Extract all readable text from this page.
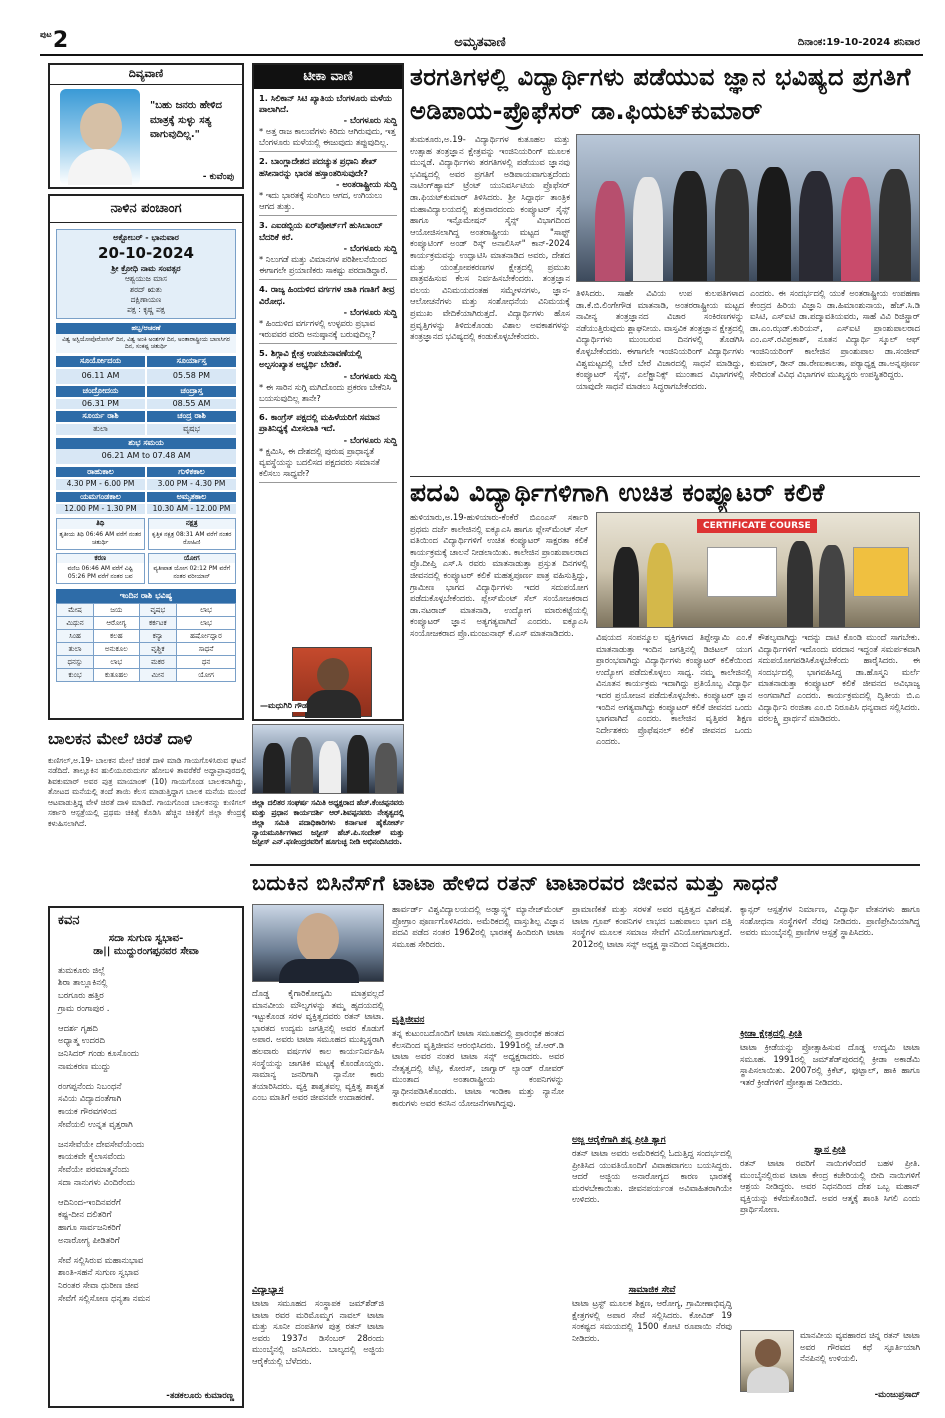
ಪುಟ 2	ಅಮೃತವಾಣಿ	ದಿನಾಂಕ:19-10-2024 ಶನಿವಾರ
ದಿವ್ಯವಾಣಿ
"ಬಹು ಜನರು ಹೇಳಿದ ಮಾತ್ರಕ್ಕೆ ಸುಳ್ಳು ಸತ್ಯ ವಾಗುವುದಿಲ್ಲ."
- ಕುವೆಂಪು
ನಾಳಿನ ಪಂಚಾಂಗ
ಅಕ್ಟೋಬರ್ - ಭಾನುವಾರ
20-10-2024
ಶ್ರೀ ಕ್ರೋಧಿ ನಾಮ ಸಂವತ್ಸರ
ಆಶ್ವಯುಜ ಮಾಸ
ಶರದ್ ಋತು
ದಕ್ಷಿಣಾಯಣ
ಪಕ್ಷ : ಕೃಷ್ಣ ಪಕ್ಷ
ಹಬ್ಬ/ಆಚರಣೆ
ವಿಶ್ವ ಅಸ್ಟಿಯೋಪೊರೋಸಿಸ್ ದಿನ, ವಿಶ್ವ ಅಂಕಿ ಅಂಶಗಳ ದಿನ, ಅಂತಾರಾಷ್ಟ್ರೀಯ ಬಾಣಸಿಗರ ದಿನ, ಸಂಕಷ್ಟ ಚತುರ್ಥಿ
ಸೂರ್ಯೋದಯ	ಸೂರ್ಯಾಸ್ತ
06.11 AM	05.58 PM
ಚಂದ್ರೋದಯ	ಚಂದ್ರಾಸ್ತ
06.31 PM	08.55 AM
ಸೂರ್ಯ ರಾಶಿ	ಚಂದ್ರ ರಾಶಿ
ತುಲಾ	ವೃಷಭ
ಶುಭ ಸಮಯ
06.21 AM to 07.48 AM
ರಾಹುಕಾಲ	ಗುಳಿಕಕಾಲ
4.30 PM - 6.00 PM	3.00 PM - 4.30 PM
ಯಮಗಂಡಕಾಲ	ಅಮೃತಕಾಲ
12.00 PM - 1.30 PM	10.30 AM - 12.00 PM
ತಿಥಿ
ತೃತೀಯ ತಿಥಿ 06:46 AM ವರೆಗೆ ನಂತರ ಚತುರ್ಥಿ
ನಕ್ಷತ್ರ
ಕೃತ್ತಿಕ ನಕ್ಷತ್ರ 08:31 AM ವರೆಗೆ ನಂತರ ರೋಹಿಣಿ
ಕರಣ
ವಣಿಜ 06:46 AM ವರೆಗೆ ವಿಷ್ಟಿ 05:26 PM ವರೆಗೆ ನಂತರ ಬವ
ಯೋಗ
ವ್ಯತೀಪಾತ ಯೋಗ 02:12 PM ವರೆಗೆ ನಂತರ ವರೀಯಾನ್
ಇಂದಿನ ರಾಶಿ ಭವಿಷ್ಯ
ಮೇಷ	ಜಯ	ವೃಷಭ	ಲಾಭ
ಮಿಥುನ	ಆರೋಗ್ಯ	ಕರ್ಕಟಕ	ಲಾಭ
ಸಿಂಹ	ಕಲಹ	ಕನ್ಯಾ	ಹರ್ಷೋದ್ಘಾರ
ತುಲಾ	ಅನುಕೂಲ	ವೃಶ್ಚಿಕ	ಸಾಧನೆ
ಧನಸ್ಸು	ಲಾಭ	ಮಕರ	ಧನ
ಕುಂಭ	ಕುತೂಹಲ	ಮೀನ	ಯೋಗ
ಟೀಕಾ ವಾಣಿ
1. ಸಿಲಿಕಾನ್ ಸಿಟಿ ಖ್ಯಾತಿಯ ಬೆಂಗಳೂರು ಮಳೆಯ ಪಾಲಾಗಿದೆ.
- ಬೆಂಗಳೂರು ಸುದ್ದಿ
* ಅತ್ತ ರಾಜ ಕಾಲುವೆಗಳು ಕಿರಿದು ಆಗಿರುವುದು, ಇತ್ತ ಬೆಂಗಳೂರು ಮಳೆಯಲ್ಲಿ ಈಜುವುದು ತಪ್ಪುವುದಿಲ್ಲ.
2. ಬಾಂಗ್ಲಾದೇಶದ ಪದಚ್ಯುತ ಪ್ರಧಾನಿ ಶೇಖ್ ಹಸೀನಾರನ್ನು ಭಾರತ ಹಸ್ತಾಂತರಿಸುವುದೇ?
- ಅಂತರಾಷ್ಟ್ರೀಯ ಸುದ್ದಿ
* ಇದು ಭಾರತಕ್ಕೆ ಸುಂಗಿಲು ಆಗದ, ಉಗಿಯಲು ಆಗದ ತುತ್ತು.
3. ಎಐಡಬ್ಬಿಯ ಏರ್‌ಪೋರ್ಟ್‌ಗೆ ಹುಸಿಬಾಂಬ್ ಬೆದರಿಕೆ ಕರೆ.
- ಬೆಂಗಳೂರು ಸುದ್ದಿ
* ನಿಲುಗಡೆ ಮತ್ತು ವಿಮಾನಗಳ ಪರಿಶೀಲನೆಯಿಂದ ಈಗಾಗಲೇ ಪ್ರಯಾಣಿಕರು ಸಾಕಷ್ಟು ಪರದಾಡಿದ್ದಾರೆ.
4. ರಾಜ್ಯ ಹಿಂದುಳಿದ ವರ್ಗಗಳ ಜಾತಿ ಗಣತಿಗೆ ತೀವ್ರ ವಿರೋಧ.
- ಬೆಂಗಳೂರು ಸುದ್ದಿ
* ಹಿಂದುಳಿದ ವರ್ಗಗಳಲ್ಲಿ ಉಳ್ಳವರು ಪ್ರಭಾವ ಇರುವವರ ವರದಿ ಅನುಷ್ಠಾನಕ್ಕೆ ಬರುವುದಿಲ್ಲ?
5. ಶಿಗ್ಗಾವಿ ಕ್ಷೇತ್ರ ಉಪಚುನಾವಣೆಯಲ್ಲಿ ಅಲ್ಪಸಂಖ್ಯಾತ ಅಭ್ಯರ್ಥಿ ಬೇಡಿಕೆ.
- ಬೆಂಗಳೂರು ಸುದ್ದಿ
* ಈ ಸಾರಿನ ಸುಗ್ಗಿ ಮಗಿದೊಂದು ಪ್ರಕರಣ ಬೇಕೆನಿಸಿ ಬಯಸುವುದಿಲ್ಲ ತಾನೇ?
6. ಕಾಂಗ್ರೆಸ್ ಪಕ್ಷದಲ್ಲಿ ಮಹಿಳೆಯರಿಗೆ ಸಮಾನ ಪ್ರಾತಿನಿಧ್ಯಕ್ಕೆ ಮೀಸಲಾತಿ ಇದೆ.
- ಬೆಂಗಳೂರು ಸುದ್ದಿ
* ಕ್ಷಮಿಸಿ, ಈ ದೇಶದಲ್ಲಿ ಪುರುಷ ಪ್ರಾಧಾನ್ಯತೆ ವ್ಯವಸ್ಥೆಯನ್ನು ಬದಲಿಸದ ಪಕ್ಷದವರು ಸಮಾನತೆ ಕಲಿಸಲು ಸಾಧ್ಯವೇ?
—ಮಧುಗಿರಿ ಗೌಡ
ಜಿಲ್ಲಾ ದಲಿತರ ಸಂಘರ್ಷ ಸಮಿತಿ ಅಧ್ಯಕ್ಷರಾದ ಹೆಚ್.ಕೆಂಚಪ್ಪನವರು ಮತ್ತು ಪ್ರಧಾನ ಕಾರ್ಯದರ್ಶಿ ಆರ್.ಶಿವಪ್ಪನವರು ನೇತೃತ್ವದಲ್ಲಿ ಜಿಲ್ಲಾ ಸಮಿತಿ ಪದಾಧಿಕಾರಿಗಳು ಕರ್ನಾಟಕ ಹೈಕೋರ್ಟ್ ನ್ಯಾಯಮೂರ್ತಿಗಳಾದ ಜಸ್ಟೀಸ್ ಹೆಚ್.ಪಿ.ಸಂದೇಶ್ ಮತ್ತು ಜಸ್ಟೀಸ್ ಎನ್.ಫಣೀಂದ್ರರವರಿಗೆ ಹೂಗುಚ್ಛ ನೀಡಿ ಅಭಿನಂದಿಸಿದರು.
ಬಾಲಕನ ಮೇಲೆ ಚಿರತೆ ದಾಳಿ
ಕುಣಿಗಲ್,ಅ.19- ಬಾಲಕನ ಮೇಲೆ ಚಿರತೆ ದಾಳಿ ಮಾಡಿ ಗಾಯಗೊಳಿಸಿರುವ ಘಟನೆ ನಡೆದಿದೆ. ತಾಲ್ಲೂಕಿನ ಹುಲಿಯೂರುದುರ್ಗ ಹೋಬಳಿ ತಾವರೆಕೆರೆ ಅದ್ದಾಪ್ರಾಪುರದಲ್ಲಿ ಶಿವಕುಮಾರ್ ಅವರ ಪುತ್ರ ಮಾಯಾಂಕ್ (10) ಗಾಯಗೊಂಡ ಬಾಲಕನಾಗಿದ್ದು, ತೋಟದ ಮನೆಯಲ್ಲಿ ತಂದೆ ತಾಯಿ ಕೆಲಸ ಮಾಡುತ್ತಿದ್ದಾಗ ಬಾಲಕ ಮನೆಯ ಮುಂದೆ ಆಟವಾಡುತ್ತಿದ್ದ ವೇಳೆ ಚಿರತೆ ದಾಳಿ ಮಾಡಿದೆ. ಗಾಯಗೊಂಡ ಬಾಲಕನನ್ನು ಕುಣಿಗಲ್ ಸರ್ಕಾರಿ ಆಸ್ಪತ್ರೆಯಲ್ಲಿ ಪ್ರಥಮ ಚಿಕಿತ್ಸೆ ಕೊಡಿಸಿ ಹೆಚ್ಚಿನ ಚಿಕಿತ್ಸೆಗೆ ಜಿಲ್ಲಾ ಕೇಂದ್ರಕ್ಕೆ ಕಳುಹಿಸಲಾಗಿದೆ.
ಕವನ
ಸದಾ ಸುಗುಣ ಸ್ವಭಾವ-
ಡಾ|| ಮುದ್ದುರಂಗಪ್ಪನವರ ಸೇವಾ

ತುಮಕೂರು ಜಿಲ್ಲೆ

ಶಿರಾ ತಾಲ್ಲೂಕಿನಲ್ಲಿ

ಬರಗೂರು ಹತ್ತಿರ

ಗ್ರಾಮ ರಂಗಾಪುರ .

ಆದರ್ಶ ಗೃಹದಿ

ಅಧ್ಯಾತ್ಮ ಉದರದಿ

ಜನಿಸಿದರ್ ಗಂಡು ಕೂಸೊಂದು

ನಾಮಕರಣ ಮುದ್ದು

ರಂಗಪ್ಪನೆಂದು ನಿಬಂಧನೆ

ಸವಿಯ ವಿದ್ಯಾದಂತೆಗಾಗಿ

ಕಾಯಕ ಗೌರವಗಳಿಂದ

ಸೇವೆಯಲಿ ಉನ್ನತ ವೃತ್ತರಾಗಿ

ಜನಸೇವೆಯೇ ದೇವಸೇವೆಯೆಂದು

ಕಾಯಕವೇ ಕೈಲಾಸವೆಂದು

ಸೇವೆಯೇ ಪರಮಾತ್ಮನೆಂದು

ಸದಾ ನಾನುಗಳು ವಿಂದಿರೆಂದು

ಆದಿನಿಂದ-ಇಂದಿನವರೆಗೆ

ಕಷ್ಟ-ದೀನ ದಲಿತರಿಗೆ

ಹಾಗೂ ಸಾರ್ವಜನಿಕರಿಗೆ

ಅನಾರೋಗ್ಯ ಪೀಡಿತರಿಗೆ

ಸೇವೆ ಸಲ್ಲಿಸಿರುವ ಮಹಾನುಭಾವ

ಶಾಂತಿ-ಸಹನೆ ಸುಗುಣ ಸ್ವಭಾವ

ನಿರಂತರ ಸೇವಾ ಧುರೀಣ ಜೀವ

ಸೇವೆಗೆ ಸಲ್ಲಿಸೋಣ ಧನ್ಯತಾ ನಮನ

-ತಡಕಲೂರು ಕುಮಾರಣ್ಣ
ತರಗತಿಗಳಲ್ಲಿ ವಿದ್ಯಾರ್ಥಿಗಳು ಪಡೆಯುವ ಜ್ಞಾನ ಭವಿಷ್ಯದ ಪ್ರಗತಿಗೆ ಅಡಿಪಾಯ-ಪ್ರೊಫೆಸರ್ ಡಾ.ಫಿಯಟ್‌ಕುಮಾರ್
ತುಮಕೂರು,ಅ.19- ವಿದ್ಯಾರ್ಥಿಗಳ ಕುತೂಹಲ ಮತ್ತು ಉತ್ಸಾಹ ತಂತ್ರಜ್ಞಾನ ಕ್ಷೇತ್ರವನ್ನು ಇಂಜಿನಿಯರಿಂಗ್ ಮೂಲಕ ಮುನ್ನಡೆ. ವಿದ್ಯಾರ್ಥಿಗಳು ತರಗತಿಗಳಲ್ಲಿ ಪಡೆಯುವ ಜ್ಞಾನವು ಭವಿಷ್ಯದಲ್ಲಿ ಅವರ ಪ್ರಗತಿಗೆ ಅಡಿಪಾಯವಾಗುತ್ತದೆಂದು ನಾಟಿಂಗ್‌ಹ್ಯಾಮ್ ಟ್ರೆಂಟ್ ಯುನಿವರ್ಸಿಟಿಯ ಪ್ರೊಫೆಸರ್ ಡಾ.ಫಿಯಟ್‌ಕುಮಾರ್ ತಿಳಿಸಿದರು. ಶ್ರೀ ಸಿದ್ದಾರ್ಥ ತಾಂತ್ರಿಕ ಮಹಾವಿದ್ಯಾಲಯದಲ್ಲಿ ಶುಕ್ರವಾರದಂದು ಕಂಪ್ಯೂಟರ್ ಸೈನ್ಸ್ ಹಾಗೂ ಇನ್ಫೊಮೇಷನ್ ಸೈನ್ಸ್ ವಿಭಾಗದಿಂದ ಆಯೋಜಿಸಲಾಗಿದ್ದ ಅಂತರಾಷ್ಟ್ರೀಯ ಮಟ್ಟದ "ಸಾಫ್ಟ್ ಕಂಪ್ಯೂಟಿಂಗ್ ಅಂಡ್ ರಿಸ್ಕ್ ಅನಾಲಿಸಿಸ್" ಕಾನ್‌-2024 ಕಾರ್ಯಕ್ರಮವನ್ನು ಉದ್ಘಾಟಿಸಿ ಮಾತನಾಡಿದ ಅವರು, ದೇಶದ ಮತ್ತು ಯಂತ್ರೋಪಕರಣಗಳ ಕ್ಷೇತ್ರದಲ್ಲಿ ಪ್ರಮುಖ ಪಾತ್ರವಹಿಸುವ ಕೆಲಸ ನಿರ್ವಹಿಸಬೇಕೆಂದರು. ತಂತ್ರಜ್ಞಾನ ವಲಯ ವಿನಿಮಯದಂತಹ ಸಮ್ಮೇಳನಗಳು, ಜ್ಞಾನ-ಆಲೋಚನೆಗಳು ಮತ್ತು ಸಂಶೋಧನೆಯ ವಿನಿಮಯಕ್ಕೆ ಪ್ರಮುಖ ವೇದಿಕೆಯಾಗಿರುತ್ತದೆ. ವಿದ್ಯಾರ್ಥಿಗಳು ಹೊಸ ಪ್ರವೃತ್ತಿಗಳನ್ನು ತಿಳಿದುಕೊಂಡು ವಿಶಾಲ ಅವಕಾಶಗಳನ್ನು ತಂತ್ರಜ್ಞಾನದ ಭವಿಷ್ಯದಲ್ಲಿ ಕಂಡುಕೊಳ್ಳಬೇಕೆಂದರು.
ತಿಳಿಸಿದರು. ಸಾಹೇ ವಿವಿಯ ಉಪ ಕುಲಪತಿಗಳಾದ ಡಾ.ಕೆ.ಬಿ.ಲಿಂಗೇಗೌಡ ಮಾತನಾಡಿ, ಅಂತರರಾಷ್ಟ್ರೀಯ ಮಟ್ಟದ ನಾವೀನ್ಯ ತಂತ್ರಜ್ಞಾನದ ವಿಚಾರ ಸಂಕಿರಣಗಳನ್ನು ನಡೆಯುತ್ತಿರುವುದು ಶ್ಲಾಘನೀಯ. ವಾಸ್ತವಿಕ ತಂತ್ರಜ್ಞಾನ ಕ್ಷೇತ್ರದಲ್ಲಿ ವಿದ್ಯಾರ್ಥಿಗಳು ಮುಂಬರುವ ದಿನಗಳಲ್ಲಿ ತೊಡಗಿಸಿ ಕೊಳ್ಳಬೇಕೆಂದರು. ಈಗಾಗಲೇ ಇಂಜಿನಿಯರಿಂಗ್ ವಿದ್ಯಾರ್ಥಿಗಳು ವಿಶ್ವಮಟ್ಟದಲ್ಲಿ ಬೇರೆ ಬೇರೆ ವಿಚಾರದಲ್ಲಿ ಸಾಧನೆ ಮಾಡಿದ್ದು, ಕಂಪ್ಯೂಟರ್ ಸೈನ್ಸ್, ಎಲೆಕ್ಟ್ರಾನಿಕ್ಸ್ ಮುಂತಾದ ವಿಭಾಗಗಳಲ್ಲಿ ಯಾವುದೇ ಸಾಧನೆ ಮಾಡಲು ಸಿದ್ಧರಾಗಬೇಕೆಂದರು.
ಎಂದರು. ಈ ಸಂದರ್ಭದಲ್ಲಿ ಯುಕೆ ಅಂತರಾಷ್ಟ್ರೀಯ ಉಪಹಣಾ ಕೇಂದ್ರದ ಹಿರಿಯ ವಿಜ್ಞಾನಿ ಡಾ.ಹಿಮಾಂಶುನಾಯ, ಹೆಚ್.ಸಿ.ಡಿ ಐಸಿಟಿ, ಎಸ್‌ಐಟಿ ಡಾ.ಪದ್ಮಾವತಿಯವರು, ಸಾಹೆ ವಿವಿ ರಿಜಿಸ್ಟ್ರಾರ್ ಡಾ.ಎಂ.ಝಡ್.ಕುರಿಯನ್, ಎಸ್‌ಐಟಿ ಪ್ರಾಂಶುಪಾಲರಾದ ಎಂ.ಎಸ್.ರವಿಪ್ರಕಾಶ್, ನೂತನ ವಿದ್ಯಾರ್ಥಿ ಸ್ಕೂಲ್ ಆಫ್ ಇಂಜಿನಿಯರಿಂಗ್ ಕಾಲೇಜಿನ ಪ್ರಾಂಶುಪಾಲ ಡಾ.ಸಂಜೀವ್ ಕುಮಾರ್, ಡೀನ್ ಡಾ.ರೇಣುಕಾಲತಾ, ಪಠ್ಯಾಧ್ಯಕ್ಷ ಡಾ.ಅನ್ನಪೂರ್ಣ ಸೇರಿದಂತೆ ವಿವಿಧ ವಿಭಾಗಗಳ ಮುಖ್ಯಸ್ಥರು ಉಪಸ್ಥಿತರಿದ್ದರು.
ಪದವಿ ವಿದ್ಯಾರ್ಥಿಗಳಿಗಾಗಿ ಉಚಿತ ಕಂಪ್ಯೂಟರ್ ಕಲಿಕೆ
ಹುಳಿಯಾರು,ಅ.19-ಹುಳಿಯಾರು-ಕೆಂಕೆರೆ ಬಿಎಂಎಸ್ ಸರ್ಕಾರಿ ಪ್ರಥಮ ದರ್ಜೆ ಕಾಲೇಜಿನಲ್ಲಿ ಐಕ್ಯೂಎಸಿ ಹಾಗೂ ಪ್ಲೇಸ್‌ಮೆಂಟ್ ಸೆಲ್ ವತಿಯಿಂದ ವಿದ್ಯಾರ್ಥಿಗಳಿಗೆ ಉಚಿತ ಕಂಪ್ಯೂಟರ್ ಸಾಕ್ಷರತಾ ಕಲಿಕೆ ಕಾರ್ಯಕ್ರಮಕ್ಕೆ ಚಾಲನೆ ನೀಡಲಾಯಿತು. ಕಾಲೇಜಿನ ಪ್ರಾಂಶುಪಾಲರಾದ ಪ್ರೊ.ದೀಪ್ತಿ ಎಸ್.ಸಿ ರವರು ಮಾತನಾಡುತ್ತಾ ಪ್ರಸ್ತುತ ದಿನಗಳಲ್ಲಿ ಜೀವನದಲ್ಲಿ ಕಂಪ್ಯೂಟರ್ ಕಲಿಕೆ ಮಹತ್ವಪೂರ್ಣ ಪಾತ್ರ ವಹಿಸುತ್ತಿದ್ದು, ಗ್ರಾಮೀಣ ಭಾಗದ ವಿದ್ಯಾರ್ಥಿಗಳು ಇದರ ಸದುಪಯೋಗ ಪಡೆದುಕೊಳ್ಳಬೇಕೆಂದರು. ಪ್ಲೇಸ್‌ಮೆಂಟ್ ಸೆಲ್ ಸಂಯೋಜಕರಾದ ಡಾ.ನಟರಾಜ್ ಮಾತನಾಡಿ, ಉದ್ಯೋಗ ಮಾರುಕಟ್ಟೆಯಲ್ಲಿ ಕಂಪ್ಯೂಟರ್ ಜ್ಞಾನ ಅತ್ಯಗತ್ಯವಾಗಿದೆ ಎಂದರು. ಐಕ್ಯೂಎಸಿ ಸಂಯೋಜಕರಾದ ಪ್ರೊ.ಮಂಜುನಾಥ್ ಕೆ.ಎಸ್ ಮಾತನಾಡಿದರು.
CERTIFICATE COURSE
ವಿಷಯದ ಸಂಪನ್ಮೂಲ ವ್ಯಕ್ತಿಗಳಾದ ತಿಪ್ಪೇಸ್ವಾಮಿ ಎಂ.ಕೆ ಮಾತನಾಡುತ್ತಾ ಇಂದಿನ ಜಗತ್ತಿನಲ್ಲಿ ಡಿಜಿಟಲ್ ಯುಗ ಪ್ರಾರಂಭವಾಗಿದ್ದು ವಿದ್ಯಾರ್ಥಿಗಳು ಕಂಪ್ಯೂಟರ್ ಕಲಿಕೆಯಿಂದ ಉದ್ಯೋಗ ಪಡೆದುಕೊಳ್ಳಲು ಸಾಧ್ಯ. ನಮ್ಮ ಕಾಲೇಜಿನಲ್ಲಿ ವಿನೂತನ ಕಾರ್ಯಕ್ರಮ ಇದಾಗಿದ್ದು ಪ್ರತಿಯೊಬ್ಬ ವಿದ್ಯಾರ್ಥಿ ಇದರ ಪ್ರಯೋಜನ ಪಡೆದುಕೊಳ್ಳಬೇಕು. ಕಂಪ್ಯೂಟರ್ ಜ್ಞಾನ ಇಂದಿನ ಅಗತ್ಯವಾಗಿದ್ದು ಕಂಪ್ಯೂಟರ್ ಕಲಿಕೆ ಜೀವನದ ಒಂದು ಭಾಗವಾಗಿದೆ ಎಂದರು. ಕಾಲೇಜಿನ ವೃತ್ತಿಪರ ಶಿಕ್ಷಣ ನಿರ್ದೇಶಕರು ಪ್ರೊಫೆಷನಲ್ ಕಲಿಕೆ ಜೀವನದ ಒಂದು ಎಂದರು.
ಕೌಶಲ್ಯವಾಗಿದ್ದು ಇದನ್ನು ದಾಟಿ ಕೊಂಡಿ ಮುಂದೆ ಸಾಗಬೇಕು. ವಿದ್ಯಾರ್ಥಿಗಳಿಗೆ ಇದೊಂದು ವರದಾನ ಇದ್ದಂತೆ ಸಮರ್ಪಕವಾಗಿ ಸದುಪಯೋಗಪಡಿಸಿಕೊಳ್ಳಬೇಕೆಂದು ಹಾರೈಸಿದರು. ಈ ಸಂದರ್ಭದಲ್ಲಿ ಭಾಗವಹಿಸಿದ್ದ ಡಾ.ಹೊಸ್ಮನಿ ಮರ್ಲೆ ಮಾತನಾಡುತ್ತಾ ಕಂಪ್ಯೂಟರ್ ಕಲಿಕೆ ಜೀವನದ ಅವಿಭಾಜ್ಯ ಅಂಗವಾಗಿದೆ ಎಂದರು. ಕಾರ್ಯಕ್ರಮದಲ್ಲಿ ದ್ವಿತೀಯ ಬಿ.ಎ ವಿದ್ಯಾರ್ಥಿನಿ ರಂಜಿತಾ ಎಂ.ಬಿ ನಿರೂಪಿಸಿ ಧನ್ಯವಾದ ಸಲ್ಲಿಸಿದರು. ವರಲಕ್ಷ್ಮಿ ಪ್ರಾರ್ಥನೆ ಮಾಡಿದರು.
ಬದುಕಿನ ಬಿಸಿನೆಸ್‌ಗೆ ಟಾಟಾ ಹೇಳಿದ ರತನ್ ಟಾಟಾರವರ ಜೀವನ ಮತ್ತು ಸಾಧನೆ
ದೊಡ್ಡ ಕೈಗಾರಿಕೋದ್ಯಮಿ ಮಾತ್ರವಲ್ಲದೆ ಮಾನವೀಯ ಮೌಲ್ಯಗಳನ್ನು ತಮ್ಮ ಹೃದಯದಲ್ಲಿ ಇಟ್ಟುಕೊಂಡ ಸರಳ ವ್ಯಕ್ತಿತ್ವದವರು ರತನ್ ಟಾಟಾ. ಭಾರತದ ಉದ್ಯಮ ಜಗತ್ತಿನಲ್ಲಿ ಅವರ ಕೊಡುಗೆ ಅಪಾರ. ಅವರು ಟಾಟಾ ಸಮೂಹದ ಮುಖ್ಯಸ್ಥರಾಗಿ ಹಲವಾರು ವರ್ಷಗಳ ಕಾಲ ಕಾರ್ಯನಿರ್ವಹಿಸಿ ಸಂಸ್ಥೆಯನ್ನು ಜಾಗತಿಕ ಮಟ್ಟಕ್ಕೆ ಕೊಂಡೊಯ್ದರು. ಸಾಮಾನ್ಯ ಜನರಿಗಾಗಿ ನ್ಯಾನೋ ಕಾರು ತಯಾರಿಸಿದರು. ವ್ಯಕ್ತಿ ಶಾಶ್ವತವಲ್ಲ ವ್ಯಕ್ತಿತ್ವ ಶಾಶ್ವತ ಎಂಬ ಮಾತಿಗೆ ಅವರ ಜೀವನವೇ ಉದಾಹರಣೆ.
ವಿದ್ಯಾಭ್ಯಾಸ
ಟಾಟಾ ಸಮೂಹದ ಸಂಸ್ಥಾಪಕ ಜಮ್‌ಶೆಡ್‌ಜಿ ಟಾಟಾ ರವರ ಮರಿಮೊಮ್ಮಗ ನಾವಲ್ ಟಾಟಾ ಮತ್ತು ಸೂನೀ ದಂಪತಿಗಳ ಪುತ್ರ ರತನ್ ಟಾಟಾ ಅವರು 1937ರ ಡಿಸೆಂಬರ್ 28ರಂದು ಮುಂಬೈನಲ್ಲಿ ಜನಿಸಿದರು. ಬಾಲ್ಯದಲ್ಲಿ ಅಜ್ಜಿಯ ಆರೈಕೆಯಲ್ಲಿ ಬೆಳೆದರು.
ಹಾರ್ವರ್ಡ್ ವಿಶ್ವವಿದ್ಯಾಲಯದಲ್ಲಿ ಅಡ್ವಾನ್ಸ್ಡ್ ಮ್ಯಾನೇಜ್‌ಮೆಂಟ್ ಪ್ರೋಗ್ರಾಂ ಪೂರ್ಣಗೊಳಿಸಿದರು. ಅಮೆರಿಕದಲ್ಲಿ ವಾಸ್ತುಶಿಲ್ಪ ವಿಜ್ಞಾನ ಪದವಿ ಪಡೆದ ನಂತರ 1962ರಲ್ಲಿ ಭಾರತಕ್ಕೆ ಹಿಂದಿರುಗಿ ಟಾಟಾ ಸಮೂಹ ಸೇರಿದರು.
ವೃತ್ತಿಜೀವನ
ತನ್ನ ಕುಟುಂಬದೊಂದಿಗೆ ಟಾಟಾ ಸಮೂಹದಲ್ಲಿ ಪ್ರಾರಂಭಿಕ ಹಂತದ ಕೆಲಸದಿಂದ ವೃತ್ತಿಜೀವನ ಆರಂಭಿಸಿದರು. 1991ರಲ್ಲಿ ಜೆ.ಆರ್.ಡಿ ಟಾಟಾ ಅವರ ನಂತರ ಟಾಟಾ ಸನ್ಸ್ ಅಧ್ಯಕ್ಷರಾದರು. ಅವರ ನೇತೃತ್ವದಲ್ಲಿ ಟೆಟ್ಲಿ, ಕೋರಸ್, ಜಾಗ್ವಾರ್ ಲ್ಯಾಂಡ್ ರೋವರ್ ಮುಂತಾದ ಅಂತಾರಾಷ್ಟ್ರೀಯ ಕಂಪನಿಗಳನ್ನು ಸ್ವಾಧೀನಪಡಿಸಿಕೊಂಡರು. ಟಾಟಾ ಇಂಡಿಕಾ ಮತ್ತು ನ್ಯಾನೋ ಕಾರುಗಳು ಅವರ ಕನಸಿನ ಯೋಜನೆಗಳಾಗಿದ್ದವು.
ಪ್ರಾಮಾಣಿಕತೆ ಮತ್ತು ಸರಳತೆ ಅವರ ವ್ಯಕ್ತಿತ್ವದ ವಿಶೇಷತೆ. ಟಾಟಾ ಗ್ರೂಪ್ ಕಂಪನಿಗಳ ಲಾಭದ ಬಹುಪಾಲು ಭಾಗ ದತ್ತಿ ಸಂಸ್ಥೆಗಳ ಮೂಲಕ ಸಮಾಜ ಸೇವೆಗೆ ವಿನಿಯೋಗವಾಗುತ್ತದೆ. 2012ರಲ್ಲಿ ಟಾಟಾ ಸನ್ಸ್ ಅಧ್ಯಕ್ಷ ಸ್ಥಾನದಿಂದ ನಿವೃತ್ತರಾದರು.
ಅಜ್ಜ ಆರೈಕೆಗಾಗಿ ತನ್ನ ಪ್ರೀತಿ ತ್ಯಾಗ
ರತನ್ ಟಾಟಾ ಅವರು ಅಮೆರಿಕದಲ್ಲಿ ಓದುತ್ತಿದ್ದ ಸಂದರ್ಭದಲ್ಲಿ ಪ್ರೀತಿಸಿದ ಯುವತಿಯೊಂದಿಗೆ ವಿವಾಹವಾಗಲು ಬಯಸಿದ್ದರು. ಆದರೆ ಅಜ್ಜಿಯ ಅನಾರೋಗ್ಯದ ಕಾರಣ ಭಾರತಕ್ಕೆ ಮರಳಬೇಕಾಯಿತು. ಜೀವನಪರ್ಯಂತ ಅವಿವಾಹಿತರಾಗಿಯೇ ಉಳಿದರು.
ಸಾಮಾಜಿಕ ಸೇವೆ
ಟಾಟಾ ಟ್ರಸ್ಟ್ ಮೂಲಕ ಶಿಕ್ಷಣ, ಆರೋಗ್ಯ, ಗ್ರಾಮೀಣಾಭಿವೃದ್ಧಿ ಕ್ಷೇತ್ರಗಳಲ್ಲಿ ಅಪಾರ ಸೇವೆ ಸಲ್ಲಿಸಿದರು. ಕೋವಿಡ್ 19 ಸಂಕಷ್ಟದ ಸಮಯದಲ್ಲಿ 1500 ಕೋಟಿ ರೂಪಾಯಿ ನೆರವು ನೀಡಿದರು.
ಕ್ಯಾನ್ಸರ್ ಆಸ್ಪತ್ರೆಗಳ ನಿರ್ಮಾಣ, ವಿದ್ಯಾರ್ಥಿ ವೇತನಗಳು ಹಾಗೂ ಸಂಶೋಧನಾ ಸಂಸ್ಥೆಗಳಿಗೆ ನೆರವು ನೀಡಿದರು. ಪ್ರಾಣಿಪ್ರೇಮಿಯಾಗಿದ್ದ ಅವರು ಮುಂಬೈನಲ್ಲಿ ಪ್ರಾಣಿಗಳ ಆಸ್ಪತ್ರೆ ಸ್ಥಾಪಿಸಿದರು.
ಕ್ರೀಡಾ ಕ್ಷೇತ್ರದಲ್ಲಿ ಪ್ರೀತಿ
ಟಾಟಾ ಕ್ರೀಡೆಯನ್ನು ಪ್ರೋತ್ಸಾಹಿಸುವ ದೊಡ್ಡ ಉದ್ಯಮಿ ಟಾಟಾ ಸಮೂಹ. 1991ರಲ್ಲಿ ಜಮ್‌ಶೆಡ್‌ಪುರದಲ್ಲಿ ಕ್ರೀಡಾ ಅಕಾಡೆಮಿ ಸ್ಥಾಪಿಸಲಾಯಿತು. 2007ರಲ್ಲಿ ಕ್ರಿಕೆಟ್, ಫುಟ್ಬಾಲ್, ಹಾಕಿ ಹಾಗೂ ಇತರೆ ಕ್ರೀಡೆಗಳಿಗೆ ಪ್ರೋತ್ಸಾಹ ನೀಡಿದರು.
ಶ್ವಾನ ಪ್ರೀತಿ
ರತನ್ ಟಾಟಾ ರವರಿಗೆ ನಾಯಿಗಳೆಂದರೆ ಬಹಳ ಪ್ರೀತಿ. ಮುಂಬೈನಲ್ಲಿರುವ ಟಾಟಾ ಕೇಂದ್ರ ಕಚೇರಿಯಲ್ಲಿ ಬೀದಿ ನಾಯಿಗಳಿಗೆ ಆಶ್ರಯ ನೀಡಿದ್ದರು. ಅವರ ನಿಧನದಿಂದ ದೇಶ ಒಬ್ಬ ಮಹಾನ್ ವ್ಯಕ್ತಿಯನ್ನು ಕಳೆದುಕೊಂಡಿದೆ. ಅವರ ಆತ್ಮಕ್ಕೆ ಶಾಂತಿ ಸಿಗಲಿ ಎಂದು ಪ್ರಾರ್ಥಿಸೋಣ.
ಮಾನವೀಯ ವ್ಯವಹಾರದ ಚಿನ್ನ ರತನ್ ಟಾಟಾ ಅವರ ಗೌರವದ ಕಥೆ ಸ್ಫೂರ್ತಿಯಾಗಿ ನೆನಪಿನಲ್ಲಿ ಉಳಿಯಲಿ.
-ಮಂಜುಪ್ರಸಾದ್
